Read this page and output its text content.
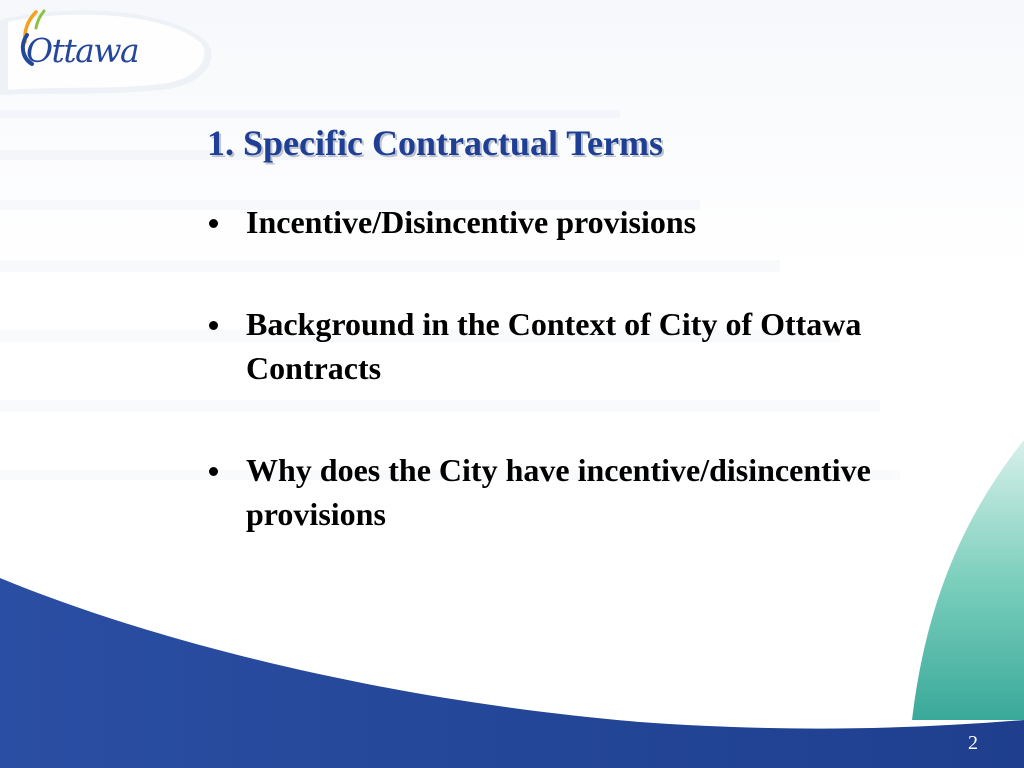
Ottawa
1. Specific Contractual Terms
Incentive/Disincentive provisions
Background in the Context of City of Ottawa Contracts
Why does the City have incentive/disincentive provisions
2
